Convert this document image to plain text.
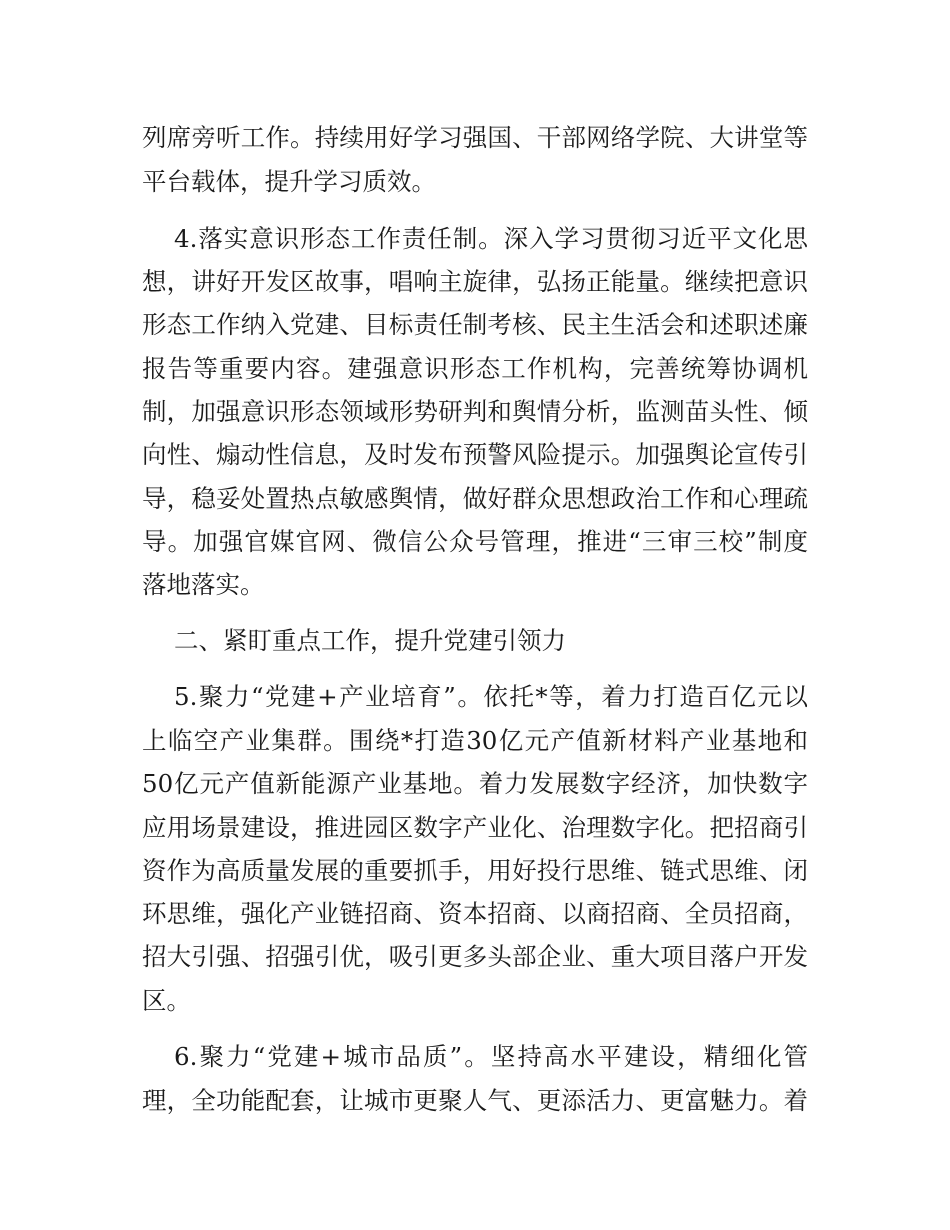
列席旁听工作。持续用好学习强国、干部网络学院、大讲堂等
平台载体，提升学习质效。
4.落实意识形态工作责任制。深入学习贯彻习近平文化思
想，讲好开发区故事，唱响主旋律，弘扬正能量。继续把意识
形态工作纳入党建、目标责任制考核、民主生活会和述职述廉
报告等重要内容。建强意识形态工作机构，完善统筹协调机
制，加强意识形态领域形势研判和舆情分析，监测苗头性、倾
向性、煽动性信息，及时发布预警风险提示。加强舆论宣传引
导，稳妥处置热点敏感舆情，做好群众思想政治工作和心理疏
导。加强官媒官网、微信公众号管理，推进“三审三校”制度
落地落实。
二、紧盯重点工作，提升党建引领力
5.聚力“党建+产业培育”。依托*等，着力打造百亿元以
上临空产业集群。围绕*打造30亿元产值新材料产业基地和
50亿元产值新能源产业基地。着力发展数字经济，加快数字
应用场景建设，推进园区数字产业化、治理数字化。把招商引
资作为高质量发展的重要抓手，用好投行思维、链式思维、闭
环思维，强化产业链招商、资本招商、以商招商、全员招商，
招大引强、招强引优，吸引更多头部企业、重大项目落户开发
区。
6.聚力“党建+城市品质”。坚持高水平建设，精细化管
理，全功能配套，让城市更聚人气、更添活力、更富魅力。着
